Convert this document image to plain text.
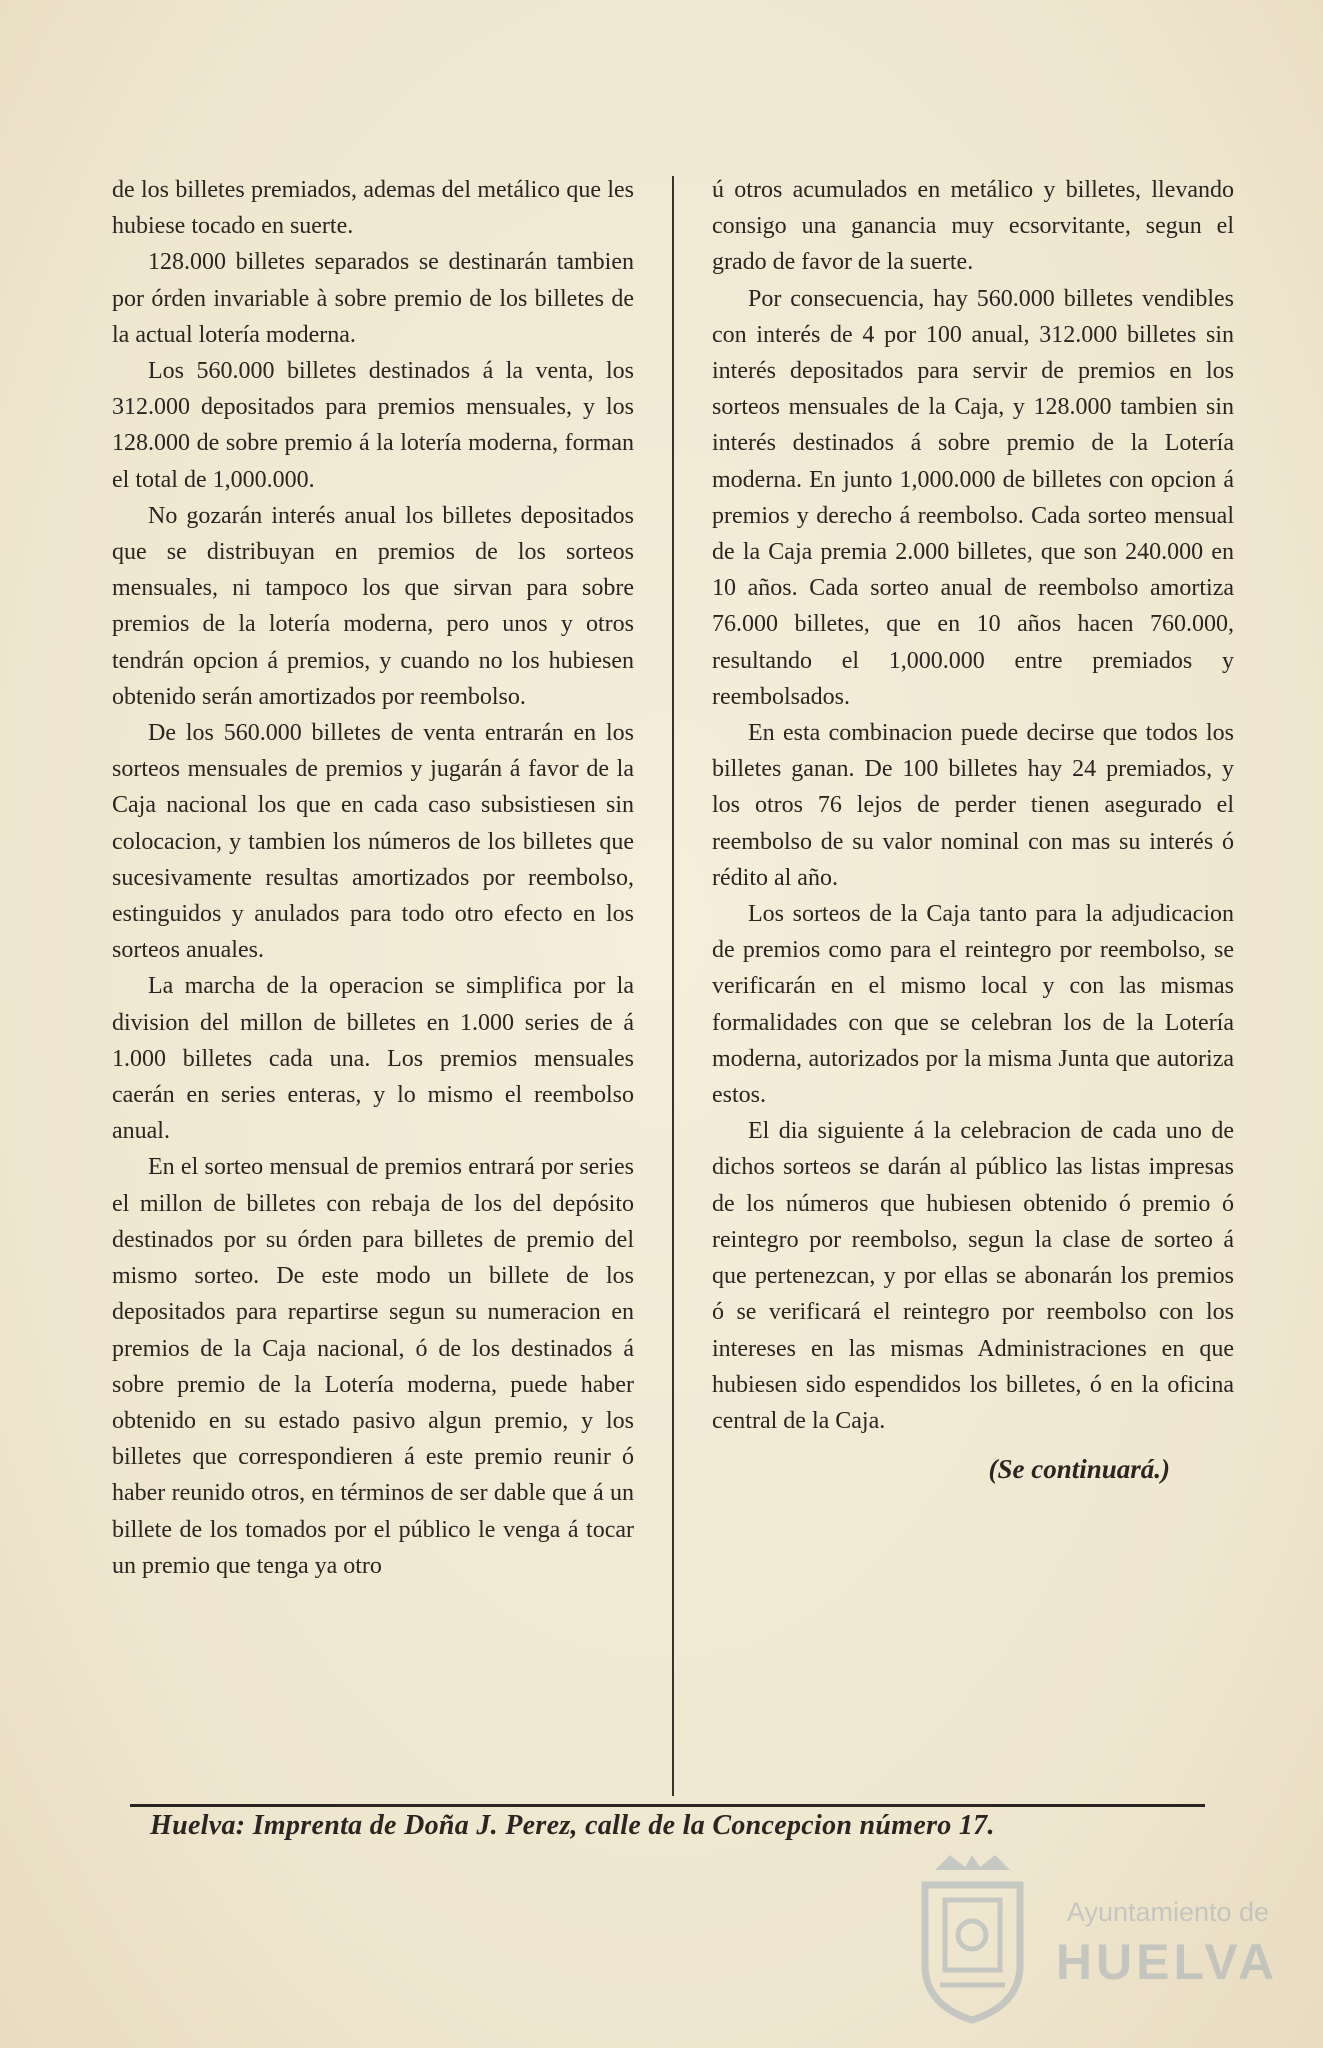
de los billetes premiados, ademas del metálico que les hubiese tocado en suerte.

128.000 billetes separados se destinarán tambien por órden invariable à sobre premio de los billetes de la actual lotería moderna.

Los 560.000 billetes destinados á la venta, los 312.000 depositados para premios mensuales, y los 128.000 de sobre premio á la lotería moderna, forman el total de 1,000.000.

No gozarán interés anual los billetes depositados que se distribuyan en premios de los sorteos mensuales, ni tampoco los que sirvan para sobre premios de la lotería moderna, pero unos y otros tendrán opcion á premios, y cuando no los hubiesen obtenido serán amortizados por reembolso.

De los 560.000 billetes de venta entrarán en los sorteos mensuales de premios y jugarán á favor de la Caja nacional los que en cada caso subsistiesen sin colocacion, y tambien los números de los billetes que sucesivamente resultas amortizados por reembolso, estinguidos y anulados para todo otro efecto en los sorteos anuales.

La marcha de la operacion se simplifica por la division del millon de billetes en 1.000 series de á 1.000 billetes cada una. Los premios mensuales caerán en series enteras, y lo mismo el reembolso anual.

En el sorteo mensual de premios entrará por series el millon de billetes con rebaja de los del depósito destinados por su órden para billetes de premio del mismo sorteo. De este modo un billete de los depositados para repartirse segun su numeracion en premios de la Caja nacional, ó de los destinados á sobre premio de la Lotería moderna, puede haber obtenido en su estado pasivo algun premio, y los billetes que correspondieren á este premio reunir ó haber reunido otros, en términos de ser dable que á un billete de los tomados por el público le venga á tocar un premio que tenga ya otro

ú otros acumulados en metálico y billetes, llevando consigo una ganancia muy ecsorvitante, segun el grado de favor de la suerte.

Por consecuencia, hay 560.000 billetes vendibles con interés de 4 por 100 anual, 312.000 billetes sin interés depositados para servir de premios en los sorteos mensuales de la Caja, y 128.000 tambien sin interés destinados á sobre premio de la Lotería moderna. En junto 1,000.000 de billetes con opcion á premios y derecho á reembolso. Cada sorteo mensual de la Caja premia 2.000 billetes, que son 240.000 en 10 años. Cada sorteo anual de reembolso amortiza 76.000 billetes, que en 10 años hacen 760.000, resultando el 1,000.000 entre premiados y reembolsados.

En esta combinacion puede decirse que todos los billetes ganan. De 100 billetes hay 24 premiados, y los otros 76 lejos de perder tienen asegurado el reembolso de su valor nominal con mas su interés ó rédito al año.

Los sorteos de la Caja tanto para la adjudicacion de premios como para el reintegro por reembolso, se verificarán en el mismo local y con las mismas formalidades con que se celebran los de la Lotería moderna, autorizados por la misma Junta que autoriza estos.

El dia siguiente á la celebracion de cada uno de dichos sorteos se darán al público las listas impresas de los números que hubiesen obtenido ó premio ó reintegro por reembolso, segun la clase de sorteo á que pertenezcan, y por ellas se abonarán los premios ó se verificará el reintegro por reembolso con los intereses en las mismas Administraciones en que hubiesen sido espendidos los billetes, ó en la oficina central de la Caja.

(Se continuará.)
Huelva: Imprenta de Doña J. Perez, calle de la Concepcion número 17.
Ayuntamiento de
HUELVA
